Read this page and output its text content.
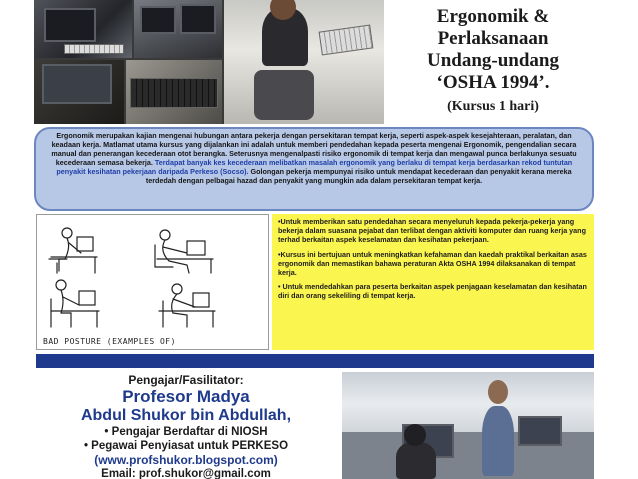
Ergonomik &
Perlaksanaan
Undang-undang
‘OSHA 1994’.
(Kursus 1 hari)
Ergonomik merupakan kajian mengenai hubungan antara pekerja dengan persekitaran tempat kerja, seperti aspek-aspek kesejahteraan, peralatan, dan keadaan kerja. Matlamat utama kursus yang dijalankan ini adalah untuk memberi pendedahan kepada peserta mengenai Ergonomik, pengendalian secara manual dan penerangan kecederaan otot berangka. Seterusnya mengenalpasti risiko ergonomik di tempat kerja dan mengawal punca berlakunya sesuatu kecederaan semasa bekerja. Terdapat banyak kes kecederaan melibatkan masalah ergonomik yang berlaku di tempat kerja berdasarkan rekod tuntutan penyakit kesihatan pekerjaan daripada Perkeso (Socso). Golongan pekerja mempunyai risiko untuk mendapat kecederaan dan penyakit kerana mereka terdedah dengan pelbagai hazad dan penyakit yang mungkin ada dalam persekitaran tempat kerja.
BAD POSTURE (EXAMPLES OF)

•Untuk memberikan satu pendedahan secara menyeluruh kepada pekerja-pekerja yang bekerja dalam suasana pejabat dan terlibat dengan aktiviti komputer dan ruang kerja yang terhad berkaitan aspek keselamatan dan kesihatan pekerjaan.

•Kursus ini bertujuan untuk meningkatkan kefahaman dan kaedah praktikal berkaitan asas ergonomik dan memastikan bahawa peraturan Akta OSHA 1994 dilaksanakan di tempat kerja.

• Untuk mendedahkan para peserta berkaitan aspek penjagaan keselamatan dan kesihatan diri dan orang sekeliling di tempat kerja.

Pengajar/Fasilitator:
Profesor Madya
Abdul Shukor bin Abdullah,
• Pengajar Berdaftar di NIOSH
• Pegawai Penyiasat untuk PERKESO
(www.profshukor.blogspot.com)
Email: prof.shukor@gmail.com
